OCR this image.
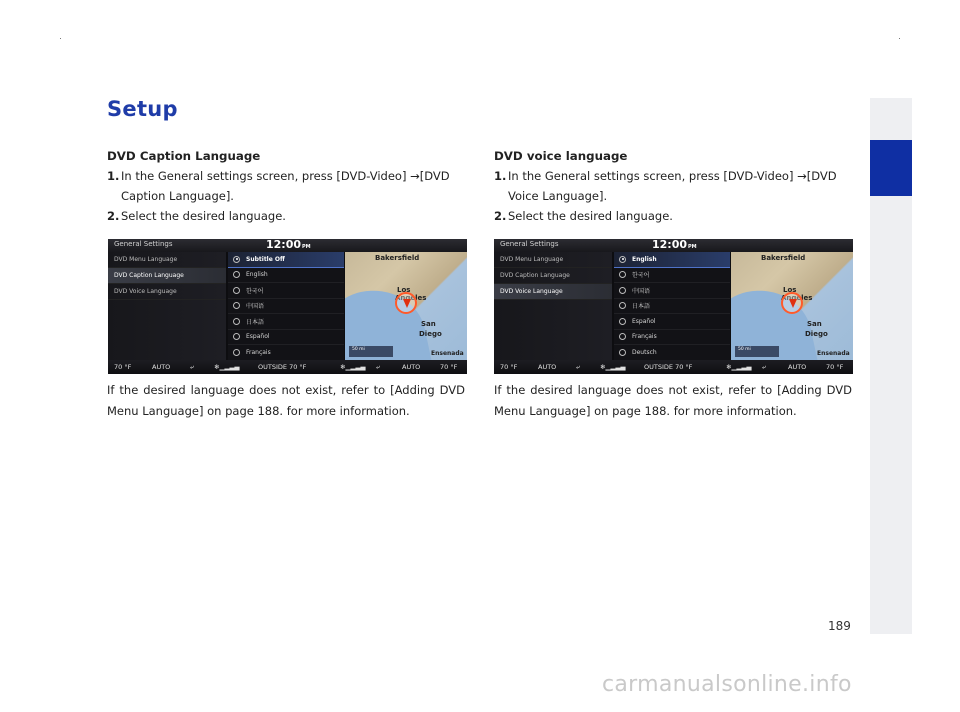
Setup
DVD Caption Language
1. In the General settings screen, press [DVD-Video] →[DVD Caption Language].
2. Select the desired language.
DVD voice language
1. In the General settings screen, press [DVD-Video] →[DVD Voice Language].
2. Select the desired language.
General Settings	12:00PM
DVD Menu Language
DVD Caption Language
DVD Voice Language
Subtitle Off
English
한국어
中国语
日本語
Español
Français
Bakersfield
Los
Angeles
San
Diego
Ensenada
50 mi
70 °F	AUTO	⤶	❄▁▂▃▄	OUTSIDE 70 °F	❄▁▂▃▄ ⤶	AUTO	70 °F
General Settings	12:00PM
DVD Menu Language
DVD Caption Language
DVD Voice Language
English
한국어
中国语
日本語
Español
Français
Deutsch
Bakersfield
Los
Angeles
San
Diego
Ensenada
50 mi
70 °F	AUTO	⤶	❄▁▂▃▄	OUTSIDE 70 °F	❄▁▂▃▄ ⤶	AUTO	70 °F
If the desired language does not exist, refer to [Adding DVD Menu Language] on page 188. for more information.
If the desired language does not exist, refer to [Adding DVD Menu Language] on page 188. for more information.
189
carmanualsonline.info
